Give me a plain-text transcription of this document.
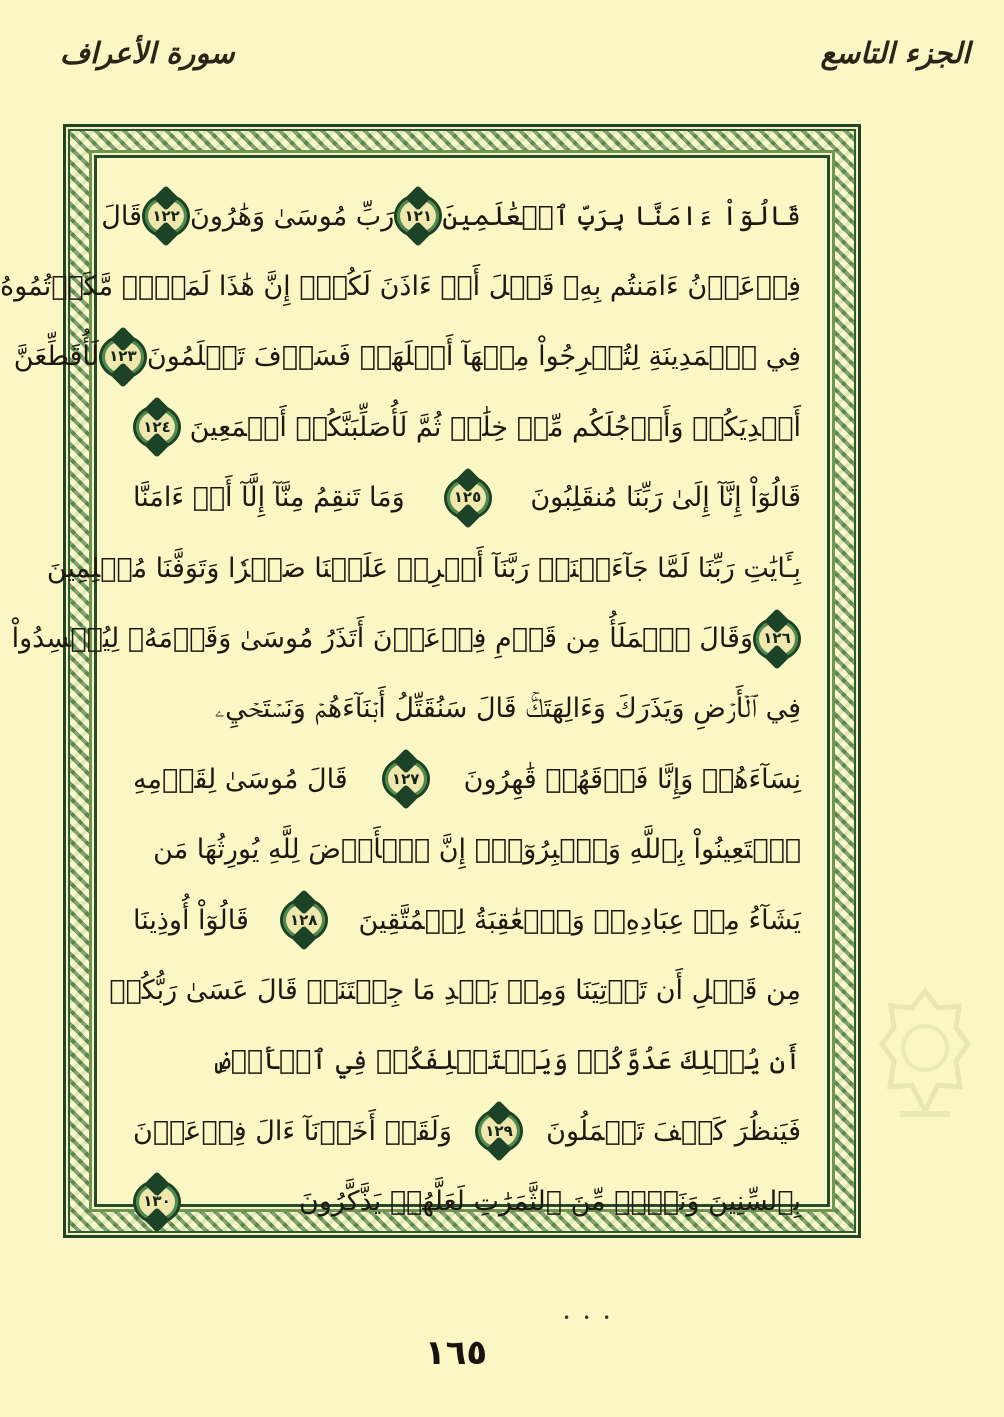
الجزء التاسع
سورة الأعراف
قَالُوٓاْ ءَامَنَّا بِرَبِّ ٱلۡعَٰلَمِينَ
١٢١
رَبِّ مُوسَىٰ وَهَٰرُونَ
١٢٢
قَالَ
فِرۡعَوۡنُ ءَامَنتُم بِهِۦ قَبۡلَ أَنۡ ءَاذَنَ لَكُمۡۖ إِنَّ هَٰذَا لَمَكۡرٞ مَّكَرۡتُمُوهُ
فِي ٱلۡمَدِينَةِ لِتُخۡرِجُواْ مِنۡهَآ أَهۡلَهَاۖ فَسَوۡفَ تَعۡلَمُونَ
١٢٣
لَأُقَطِّعَنَّ
أَيۡدِيَكُمۡ وَأَرۡجُلَكُم مِّنۡ خِلَٰفٖ ثُمَّ لَأُصَلِّبَنَّكُمۡ أَجۡمَعِينَ
١٢٤
قَالُوٓاْ إِنَّآ إِلَىٰ رَبِّنَا مُنقَلِبُونَ
١٢٥
وَمَا تَنقِمُ مِنَّآ إِلَّآ أَنۡ ءَامَنَّا
بِـَٔايَٰتِ رَبِّنَا لَمَّا جَآءَتۡنَاۚ رَبَّنَآ أَفۡرِغۡ عَلَيۡنَا صَبۡرٗا وَتَوَفَّنَا مُسۡلِمِينَ
١٢٦
وَقَالَ ٱلۡمَلَأُ مِن قَوۡمِ فِرۡعَوۡنَ أَتَذَرُ مُوسَىٰ وَقَوۡمَهُۥ لِيُفۡسِدُواْ
فِي ٱلۡأَرۡضِ وَيَذَرَكَ وَءَالِهَتَكَۚ قَالَ سَنُقَتِّلُ أَبۡنَآءَهُمۡ وَنَسۡتَحۡيِۦ
نِسَآءَهُمۡ وَإِنَّا فَوۡقَهُمۡ قَٰهِرُونَ
١٢٧
قَالَ مُوسَىٰ لِقَوۡمِهِ
ٱسۡتَعِينُواْ بِٱللَّهِ وَٱصۡبِرُوٓاْۖ إِنَّ ٱلۡأَرۡضَ لِلَّهِ يُورِثُهَا مَن
يَشَآءُ مِنۡ عِبَادِهِۦۖ وَٱلۡعَٰقِبَةُ لِلۡمُتَّقِينَ
١٢٨
قَالُوٓاْ أُوذِينَا
مِن قَبۡلِ أَن تَأۡتِيَنَا وَمِنۢ بَعۡدِ مَا جِئۡتَنَاۚ قَالَ عَسَىٰ رَبُّكُمۡ
أَن يُهۡلِكَ عَدُوَّكُمۡ وَيَسۡتَخۡلِفَكُمۡ فِي ٱلۡأَرۡضِ
فَيَنظُرَ كَيۡفَ تَعۡمَلُونَ
١٢٩
وَلَقَدۡ أَخَذۡنَآ ءَالَ فِرۡعَوۡنَ
بِٱلسِّنِينَ وَنَقۡصٖ مِّنَ ٱلثَّمَرَٰتِ لَعَلَّهُمۡ يَذَّكَّرُونَ
١٣٠
•••
١٦٥
